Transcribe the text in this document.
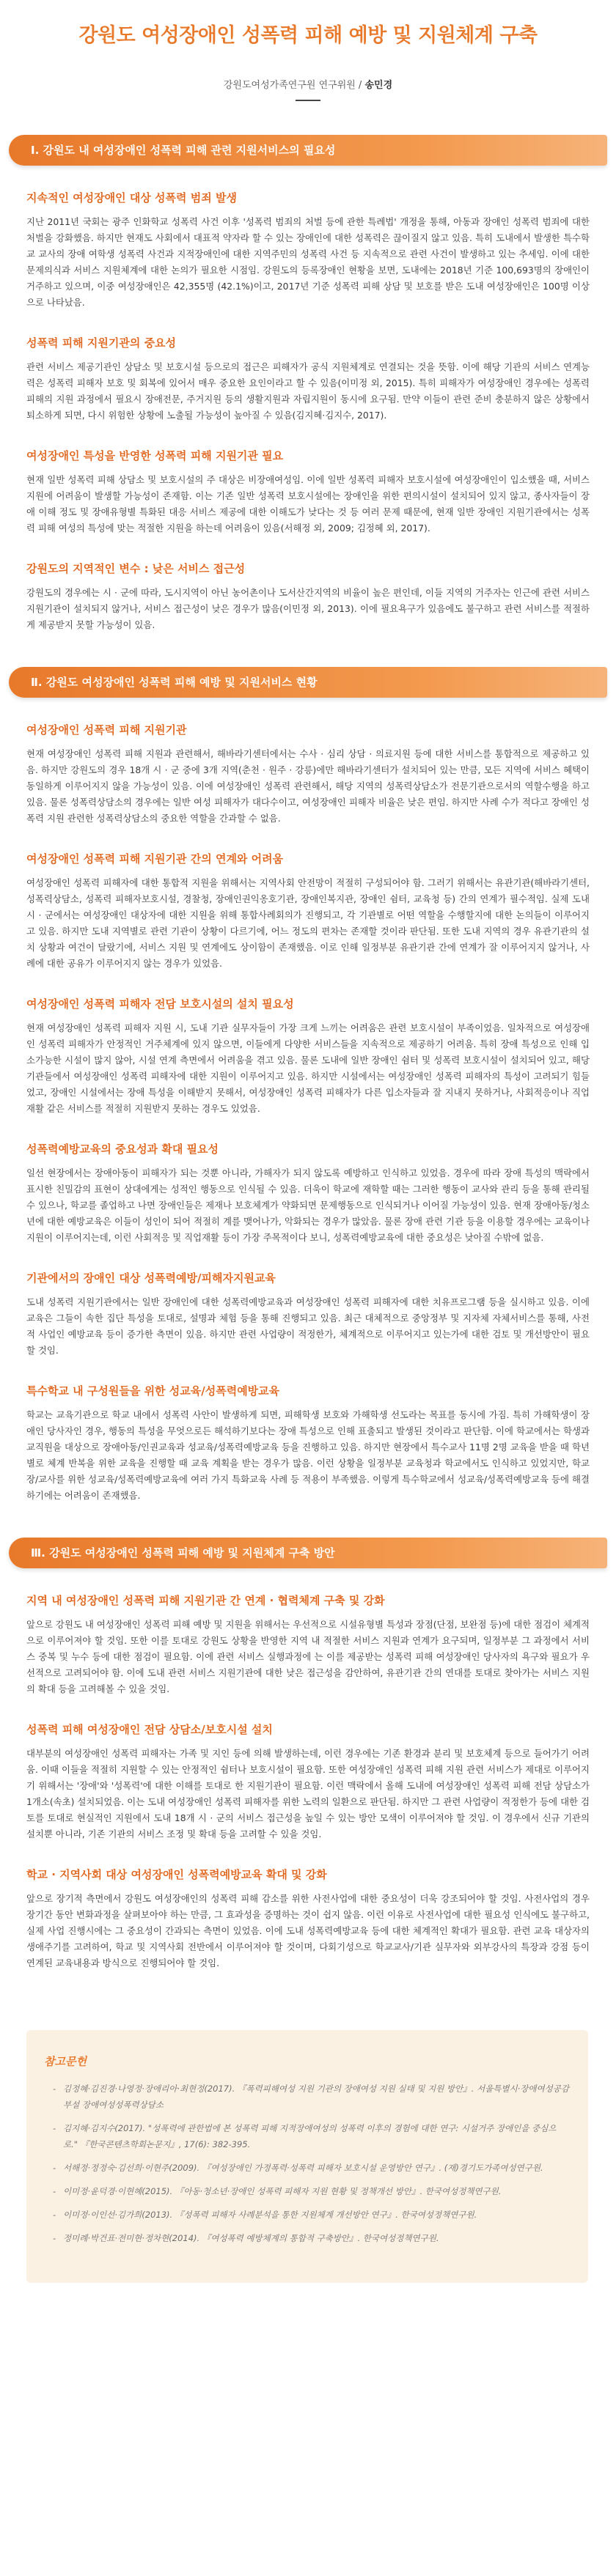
강원도 여성장애인 성폭력 피해 예방 및 지원체계 구축
강원도여성가족연구원 연구위원 / 송민경
Ⅰ. 강원도 내 여성장애인 성폭력 피해 관련 지원서비스의 필요성
지속적인 여성장애인 대상 성폭력 범죄 발생
지난 2011년 국회는 광주 인화학교 성폭력 사건 이후 '성폭력 범죄의 처벌 등에 관한 특례법' 개정을 통해, 아동과 장애인 성폭력 범죄에 대한 처벌을 강화했음. 하지만 현재도 사회에서 대표적 약자라 할 수 있는 장애인에 대한 성폭력은 끊이질지 않고 있음. 특히 도내에서 발생한 특수학교 교사의 장애 여학생 성폭력 사건과 지적장애인에 대한 지역주민의 성폭력 사건 등 지속적으로 관련 사건이 발생하고 있는 추세임. 이에 대한 문제의식과 서비스 지원체계에 대한 논의가 필요한 시점임. 강원도의 등록장애인 현황을 보면, 도내에는 2018년 기준 100,693명의 장애인이 거주하고 있으며, 이중 여성장애인은 42,355명 (42.1%)이고, 2017년 기준 성폭력 피해 상담 및 보호를 받은 도내 여성장애인은 100명 이상으로 나타났음.
성폭력 피해 지원기관의 중요성
관련 서비스 제공기관인 상담소 및 보호시설 등으로의 접근은 피해자가 공식 지원체계로 연결되는 것을 뜻함. 이에 해당 기관의 서비스 연계능력은 성폭력 피해자 보호 및 회복에 있어서 매우 중요한 요인이라고 할 수 있음(이미정 외, 2015). 특히 피해자가 여성장애인 경우에는 성폭력 피해의 지원 과정에서 필요시 장애전문, 주거지원 등의 생활지원과 자립지원이 동시에 요구됨. 만약 이들이 관련 준비 충분하지 않은 상황에서 퇴소하게 되면, 다시 위험한 상황에 노출될 가능성이 높아질 수 있음(김지혜·김지수, 2017).
여성장애인 특성을 반영한 성폭력 피해 지원기관 필요
현재 일반 성폭력 피해 상담소 및 보호시설의 주 대상은 비장애여성임. 이에 일반 성폭력 피해자 보호시설에 여성장애인이 입소했을 때, 서비스 지원에 어려움이 발생할 가능성이 존재함. 이는 기존 일반 성폭력 보호시설에는 장애인을 위한 편의시설이 설치되어 있지 않고, 종사자들이 장애 이해 정도 및 장애유형별 특화된 대응 서비스 제공에 대한 이해도가 낮다는 것 등 여러 문제 때문에, 현재 일반 장애인 지원기관에서는 성폭력 피해 여성의 특성에 맞는 적절한 지원을 하는데 어려움이 있음(서해정 외, 2009; 김정혜 외, 2017).
강원도의 지역적인 변수 : 낮은 서비스 접근성
강원도의 경우에는 시 · 군에 따라, 도시지역이 아닌 농어촌이나 도서산간지역의 비율이 높은 편인데, 이들 지역의 거주자는 인근에 관련 서비스 지원기관이 설치되지 않거나, 서비스 접근성이 낮은 경우가 많음(이민정 외, 2013). 이에 필요욕구가 있음에도 불구하고 관련 서비스를 적절하게 제공받지 못할 가능성이 있음.
Ⅱ. 강원도 여성장애인 성폭력 피해 예방 및 지원서비스 현황
여성장애인 성폭력 피해 지원기관
현재 여성장애인 성폭력 피해 지원과 관련해서, 해바라기센터에서는 수사 · 심리 상담 · 의료지원 등에 대한 서비스를 통합적으로 제공하고 있음. 하지만 강원도의 경우 18개 시 · 군 중에 3개 지역(춘천 · 원주 · 강릉)에만 해바라기센터가 설치되어 있는 만큼, 모든 지역에 서비스 혜택이 동일하게 이루어지지 않을 가능성이 있음. 이에 여성장애인 성폭력 관련해서, 해당 지역의 성폭력상담소가 전문기관으로서의 역할수행을 하고 있음. 물론 성폭력상담소의 경우에는 일반 여성 피해자가 대다수이고, 여성장애인 피해자 비율은 낮은 편임. 하지만 사례 수가 적다고 장애인 성폭력 지원 관련한 성폭력상담소의 중요한 역할을 간과할 수 없음.
여성장애인 성폭력 피해 지원기관 간의 연계와 어려움
여성장애인 성폭력 피해자에 대한 통합적 지원을 위해서는 지역사회 안전망이 적절히 구성되어야 함. 그러기 위해서는 유관기관(해바라기센터, 성폭력상담소, 성폭력 피해자보호시설, 경찰청, 장애인권익옹호기관, 장애인복지관, 장애인 쉼터, 교육청 등) 간의 연계가 필수적임. 실제 도내 시 · 군에서는 여성장애인 대상자에 대한 지원을 위해 통합사례회의가 진행되고, 각 기관별로 어떤 역할을 수행할지에 대한 논의들이 이루어지고 있음. 하지만 도내 지역별로 관련 기관이 상황이 다르기에, 어느 정도의 편차는 존재할 것이라 판단됨. 또한 도내 지역의 경우 유관기관의 설치 상황과 여건이 달랐기에, 서비스 지원 및 연계에도 상이함이 존재했음. 이로 인해 일정부분 유관기관 간에 연계가 잘 이루어지지 않거나, 사례에 대한 공유가 이루어지지 않는 경우가 있었음.
여성장애인 성폭력 피해자 전담 보호시설의 설치 필요성
현재 여성장애인 성폭력 피해자 지원 시, 도내 기관 실무자들이 가장 크게 느끼는 어려움은 관련 보호시설이 부족이었음. 일차적으로 여성장애인 성폭력 피해자가 안정적인 거주체계에 있지 않으면, 이들에게 다양한 서비스들을 지속적으로 제공하기 어려움. 특히 장애 특성으로 인해 입소가능한 시설이 많지 않아, 시설 연계 측면에서 어려움을 겪고 있음. 물론 도내에 일반 장애인 쉼터 및 성폭력 보호시설이 설치되어 있고, 해당 기관들에서 여성장애인 성폭력 피해자에 대한 지원이 이루어지고 있음. 하지만 시설에서는 여성장애인 성폭력 피해자의 특성이 고려되기 힘들었고, 장애인 시설에서는 장애 특성을 이해받지 못해서, 여성장애인 성폭력 피해자가 다른 입소자들과 잘 지내지 못하거나, 사회적응이나 직업재활 같은 서비스를 적절히 지원받지 못하는 경우도 있었음.
성폭력예방교육의 중요성과 확대 필요성
일선 현장에서는 장애아동이 피해자가 되는 것뿐 아니라, 가해자가 되지 않도록 예방하고 인식하고 있었음. 경우에 따라 장애 특성의 맥락에서 표시한 친밀감의 표현이 상대에게는 성적인 행동으로 인식될 수 있음. 더욱이 학교에 재학할 때는 그러한 행동이 교사와 관리 등을 통해 관리될 수 있으나, 학교를 졸업하고 나면 장애인들은 제재나 보호체계가 약화되면 문제행동으로 인식되거나 이어질 가능성이 있음. 현재 장애아동/청소년에 대한 예방교육은 이들이 성인이 되어 적절히 계를 맺어나가, 악화되는 경우가 많았음. 물론 장애 관련 기관 등을 이용할 경우에는 교육이나 지원이 이루어지는데, 이런 사회적응 및 직업재활 등이 가장 주목적이다 보니, 성폭력예방교육에 대한 중요성은 낮아질 수밖에 없음.
기관에서의 장애인 대상 성폭력예방/피해자지원교육
도내 성폭력 지원기관에서는 일반 장애인에 대한 성폭력예방교육과 여성장애인 성폭력 피해자에 대한 치유프로그램 등을 실시하고 있음. 이에 교육은 그들이 속한 집단 특성을 토대로, 설명과 체험 등을 통해 진행되고 있음. 최근 대체적으로 중앙정부 및 지자체 자체서비스를 통해, 사전적 사업인 예방교육 등이 증가한 측면이 있음. 하지만 관련 사업량이 적정한가, 체계적으로 이루어지고 있는가에 대한 검토 및 개선방안이 필요할 것임.
특수학교 내 구성원들을 위한 성교육/성폭력예방교육
학교는 교육기관으로 학교 내에서 성폭력 사안이 발생하게 되면, 피해학생 보호와 가해학생 선도라는 목표를 동시에 가짐. 특히 가해학생이 장애인 당사자인 경우, 행동의 특성을 무엇으로든 해석하기보다는 장애 특성으로 인해 표출되고 발생된 것이라고 판단함. 이에 학교에서는 학생과 교직원을 대상으로 장애아동/인권교육과 성교육/성폭력예방교육 등을 진행하고 있음. 하지만 현장에서 특수교사 11명 2명 교육을 받을 때 학년별로 체계 반복을 위한 교육을 진행할 때 교육 계획을 받는 경우가 많음. 이런 상황을 일정부분 교육청과 학교에서도 인식하고 있었지만, 학교장/교사를 위한 성교육/성폭력예방교육에 여러 가지 특화교육 사례 등 적용이 부족했음. 이렇게 특수학교에서 성교육/성폭력예방교육 등에 해결하기에는 어려움이 존재했음.
Ⅲ. 강원도 여성장애인 성폭력 피해 예방 및 지원체계 구축 방안
지역 내 여성장애인 성폭력 피해 지원기관 간 연계 · 협력체계 구축 및 강화
앞으로 강원도 내 여성장애인 성폭력 피해 예방 및 지원을 위해서는 우선적으로 시설유형별 특성과 장점(단점, 보완점 등)에 대한 점검이 체계적으로 이루어져야 할 것임. 또한 이를 토대로 강원도 상황을 반영한 지역 내 적절한 서비스 지원과 연계가 요구되며, 일정부분 그 과정에서 서비스 중복 및 누수 등에 대한 점검이 필요함. 이에 관련 서비스 실행과정에 는 이를 제공받는 성폭력 피해 여성장애인 당사자의 욕구와 필요가 우선적으로 고려되어야 함. 이에 도내 관련 서비스 지원기관에 대한 낮은 접근성을 감안하여, 유관기관 간의 연대를 토대로 찾아가는 서비스 지원의 확대 등을 고려해볼 수 있을 것임.
성폭력 피해 여성장애인 전담 상담소/보호시설 설치
대부분의 여성장애인 성폭력 피해자는 가족 및 지인 등에 의해 발생하는데, 이런 경우에는 기존 환경과 분리 및 보호체계 등으로 들어가기 어려움. 이때 이들을 적절히 지원할 수 있는 안정적인 쉼터나 보호시설이 필요함. 또한 여성장애인 성폭력 피해 지원 관련 서비스가 제대로 이루어지기 위해서는 '장애'와 '성폭력'에 대한 이해를 토대로 한 지원기관이 필요함. 이런 맥락에서 올해 도내에 여성장애인 성폭력 피해 전담 상담소가 1개소(속초) 설치되었음. 이는 도내 여성장애인 성폭력 피해자를 위한 노력의 일환으로 판단됨. 하지만 그 관련 사업량이 적정한가 등에 대한 검토를 토대로 현실적인 지원에서 도내 18개 시 · 군의 서비스 접근성을 높일 수 있는 방안 모색이 이루어져야 할 것임. 이 경우에서 신규 기관의 설치뿐 아니라, 기존 기관의 서비스 조정 및 확대 등을 고려할 수 있을 것임.
학교 · 지역사회 대상 여성장애인 성폭력예방교육 확대 및 강화
앞으로 장기적 측면에서 강원도 여성장애인의 성폭력 피해 감소를 위한 사전사업에 대한 중요성이 더욱 강조되어야 할 것임. 사전사업의 경우 장기간 동안 변화과정을 살펴보아야 하는 만큼, 그 효과성을 증명하는 것이 쉽지 않음. 이런 이유로 사전사업에 대한 필요성 인식에도 불구하고, 실제 사업 진행시에는 그 중요성이 간과되는 측면이 있었음. 이에 도내 성폭력예방교육 등에 대한 체계적인 확대가 필요함. 관련 교육 대상자의 생애주기를 고려하여, 학교 및 지역사회 전반에서 이루어져야 할 것이며, 다회기성으로 학교교사/기관 실무자와 외부강사의 특장과 강점 등이 연계된 교육내용과 방식으로 진행되어야 할 것임.
참고문헌
- 김정혜·김진경·나영정·장애리아·최현정(2017). 『폭력피해여성 지원 기관의 장애여성 지원 실태 및 지원 방안』. 서울특별시·장애여성공감 부설 장애여성성폭력상담소
- 김지혜·김지수(2017). "성폭력에 관한법에 본 성폭력 피해 지적장애여성의 성폭력 이후의 경험에 대한 연구: 시설거주 장애인을 중심으로." 『한국콘텐츠학회논문지』, 17(6): 382-395.
- 서해정·정정숙·김선희·이현주(2009). 『여성장애인 가정폭력·성폭력 피해자 보호시설 운영방안 연구』. (재)경기도가족여성연구원.
- 이미정·윤덕경·이현혜(2015). 『아동·청소년·장애인 성폭력 피해자 지원 현황 및 정책개선 방안』. 한국여성정책연구원.
- 이미정·이인선·김가희(2013). 『성폭력 피해자 사례분석을 통한 지원체계 개선방안 연구』. 한국여성정책연구원.
- 정미례·박건표·전미현·정차현(2014). 『여성폭력 예방체계의 통합적 구축방안』. 한국여성정책연구원.
